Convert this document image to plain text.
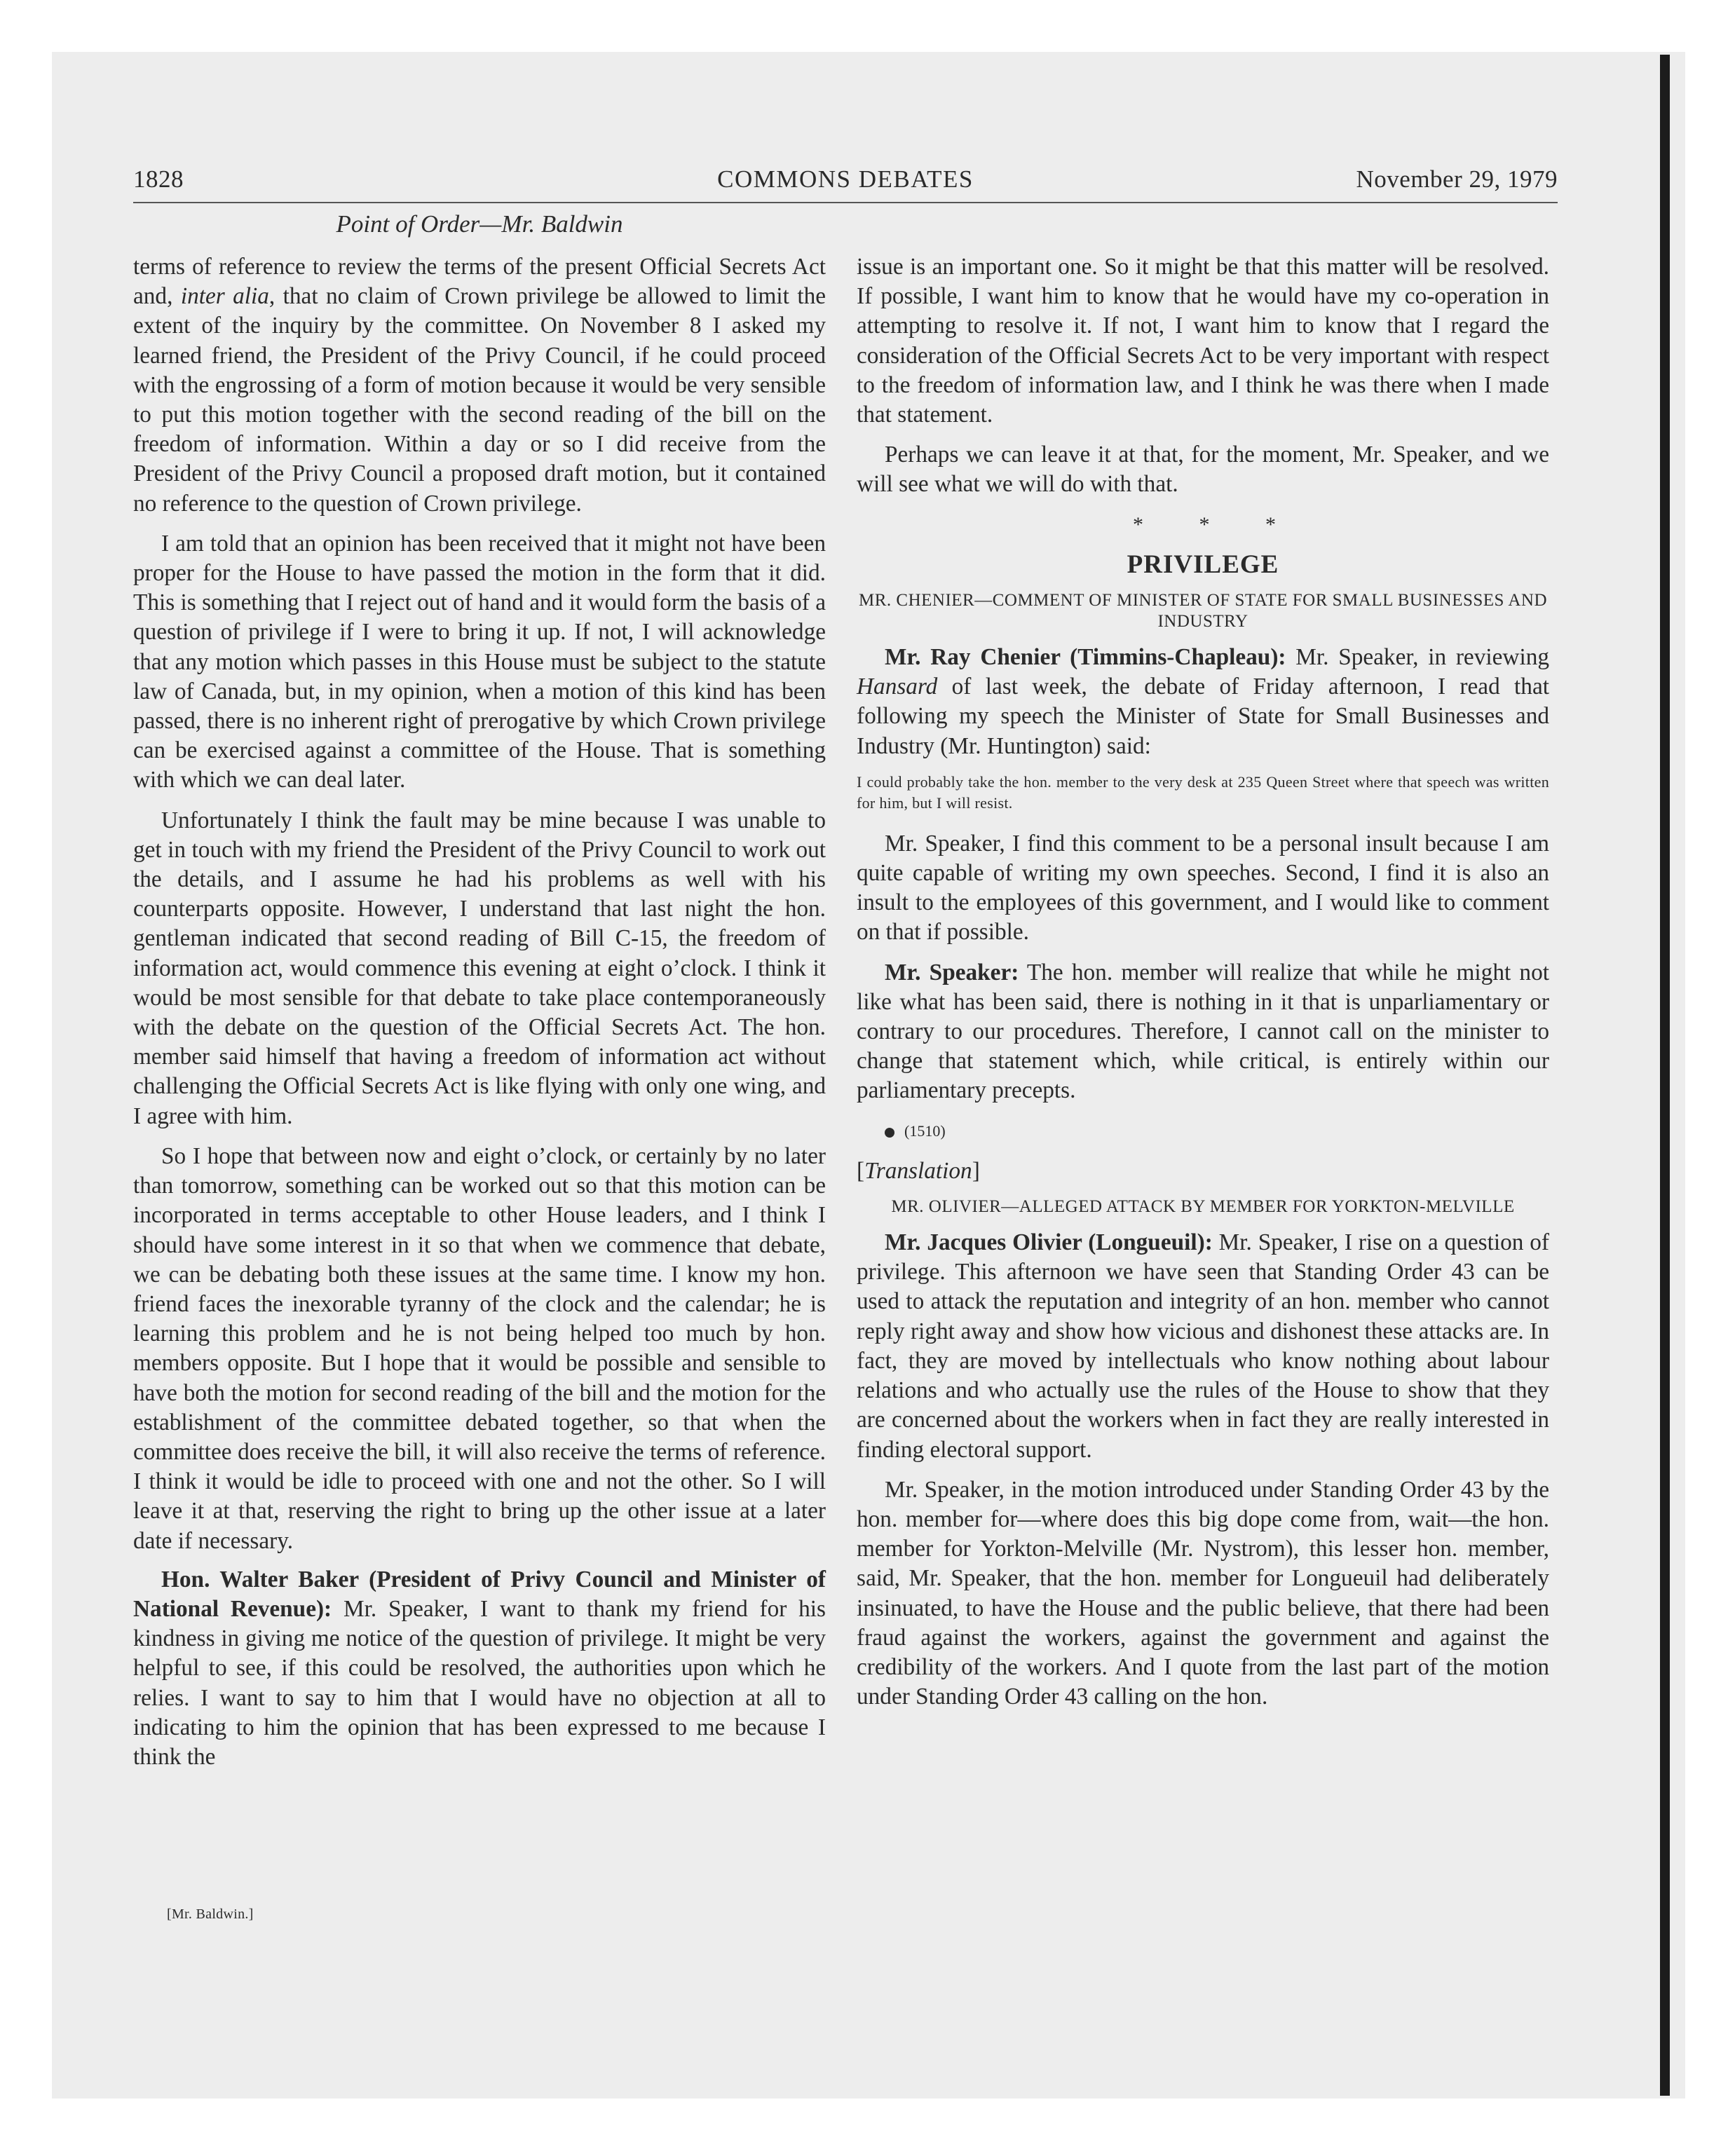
1828	COMMONS DEBATES	November 29, 1979
Point of Order—Mr. Baldwin

terms of reference to review the terms of the present Official Secrets Act and, inter alia, that no claim of Crown privilege be allowed to limit the extent of the inquiry by the committee. On November 8 I asked my learned friend, the President of the Privy Council, if he could proceed with the engrossing of a form of motion because it would be very sensible to put this motion together with the second reading of the bill on the freedom of information. Within a day or so I did receive from the President of the Privy Council a proposed draft motion, but it contained no reference to the question of Crown privilege.

I am told that an opinion has been received that it might not have been proper for the House to have passed the motion in the form that it did. This is something that I reject out of hand and it would form the basis of a question of privilege if I were to bring it up. If not, I will acknowledge that any motion which passes in this House must be subject to the statute law of Canada, but, in my opinion, when a motion of this kind has been passed, there is no inherent right of prerogative by which Crown privilege can be exercised against a committee of the House. That is something with which we can deal later.

Unfortunately I think the fault may be mine because I was unable to get in touch with my friend the President of the Privy Council to work out the details, and I assume he had his problems as well with his counterparts opposite. However, I understand that last night the hon. gentleman indicated that second reading of Bill C-15, the freedom of information act, would commence this evening at eight o’clock. I think it would be most sensible for that debate to take place contemporaneously with the debate on the question of the Official Secrets Act. The hon. member said himself that having a freedom of information act without challenging the Official Secrets Act is like flying with only one wing, and I agree with him.

So I hope that between now and eight o’clock, or certainly by no later than tomorrow, something can be worked out so that this motion can be incorporated in terms acceptable to other House leaders, and I think I should have some interest in it so that when we commence that debate, we can be debating both these issues at the same time. I know my hon. friend faces the inexorable tyranny of the clock and the calendar; he is learning this problem and he is not being helped too much by hon. members opposite. But I hope that it would be possible and sensible to have both the motion for second reading of the bill and the motion for the establishment of the committee debated together, so that when the committee does receive the bill, it will also receive the terms of reference. I think it would be idle to proceed with one and not the other. So I will leave it at that, reserving the right to bring up the other issue at a later date if necessary.

Hon. Walter Baker (President of Privy Council and Minister of National Revenue): Mr. Speaker, I want to thank my friend for his kindness in giving me notice of the question of privilege. It might be very helpful to see, if this could be resolved, the authorities upon which he relies. I want to say to him that I would have no objection at all to indicating to him the opinion that has been expressed to me because I think the

issue is an important one. So it might be that this matter will be resolved. If possible, I want him to know that he would have my co-operation in attempting to resolve it. If not, I want him to know that I regard the consideration of the Official Secrets Act to be very important with respect to the freedom of information law, and I think he was there when I made that statement.

Perhaps we can leave it at that, for the moment, Mr. Speaker, and we will see what we will do with that.

* * *

PRIVILEGE

MR. CHENIER—COMMENT OF MINISTER OF STATE FOR SMALL BUSINESSES AND INDUSTRY

Mr. Ray Chenier (Timmins-Chapleau): Mr. Speaker, in reviewing Hansard of last week, the debate of Friday afternoon, I read that following my speech the Minister of State for Small Businesses and Industry (Mr. Huntington) said:

I could probably take the hon. member to the very desk at 235 Queen Street where that speech was written for him, but I will resist.

Mr. Speaker, I find this comment to be a personal insult because I am quite capable of writing my own speeches. Second, I find it is also an insult to the employees of this government, and I would like to comment on that if possible.

Mr. Speaker: The hon. member will realize that while he might not like what has been said, there is nothing in it that is unparliamentary or contrary to our procedures. Therefore, I cannot call on the minister to change that statement which, while critical, is entirely within our parliamentary precepts.

(1510)

[Translation]

MR. OLIVIER—ALLEGED ATTACK BY MEMBER FOR YORKTON-MELVILLE

Mr. Jacques Olivier (Longueuil): Mr. Speaker, I rise on a question of privilege. This afternoon we have seen that Standing Order 43 can be used to attack the reputation and integrity of an hon. member who cannot reply right away and show how vicious and dishonest these attacks are. In fact, they are moved by intellectuals who know nothing about labour relations and who actually use the rules of the House to show that they are concerned about the workers when in fact they are really interested in finding electoral support.

Mr. Speaker, in the motion introduced under Standing Order 43 by the hon. member for—where does this big dope come from, wait—the hon. member for Yorkton-Melville (Mr. Nystrom), this lesser hon. member, said, Mr. Speaker, that the hon. member for Longueuil had deliberately insinuated, to have the House and the public believe, that there had been fraud against the workers, against the government and against the credibility of the workers. And I quote from the last part of the motion under Standing Order 43 calling on the hon.

[Mr. Baldwin.]
